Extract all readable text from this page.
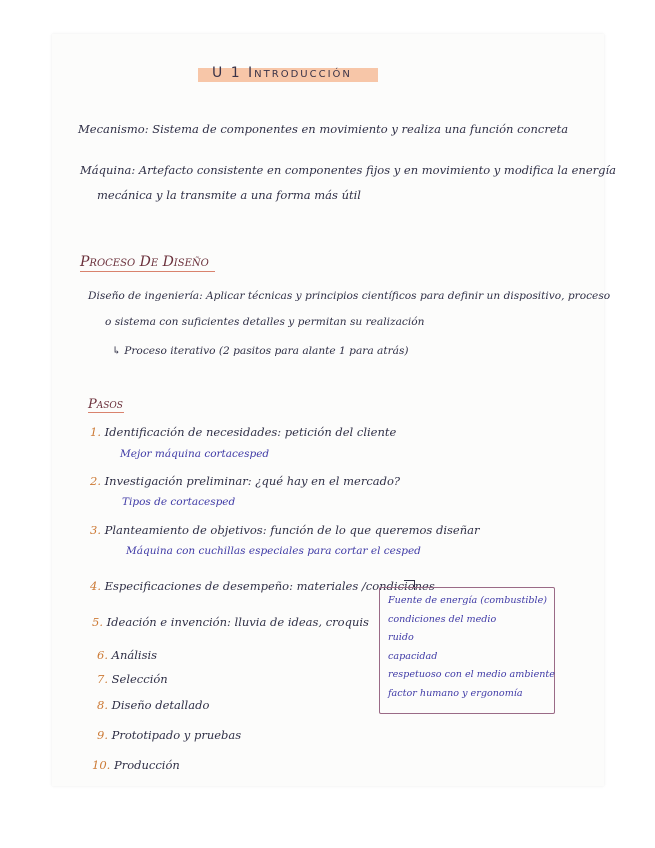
U 1 Introducción
Mecanismo: Sistema de componentes en movimiento y realiza una función concreta
Máquina: Artefacto consistente en componentes fijos y en movimiento y modifica la energía
mecánica y la transmite a una forma más útil
Proceso De Diseño
Diseño de ingeniería: Aplicar técnicas y principios científicos para definir un dispositivo, proceso
o sistema con suficientes detalles y permitan su realización
↳ Proceso iterativo (2 pasitos para alante 1 para atrás)
Pasos
1. Identificación de necesidades: petición del cliente
Mejor máquina cortacesped
2. Investigación preliminar: ¿qué hay en el mercado?
Tipos de cortacesped
3. Planteamiento de objetivos: función de lo que queremos diseñar
Máquina con cuchillas especiales para cortar el cesped
4. Especificaciones de desempeño: materiales /condiciones
5. Ideación e invención: lluvia de ideas, croquis
6. Análisis
7. Selección
8. Diseño detallado
9. Prototipado y pruebas
10. Producción
Fuente de energía (combustible)
condiciones del medio
ruido
capacidad
respetuoso con el medio ambiente
factor humano y ergonomía
